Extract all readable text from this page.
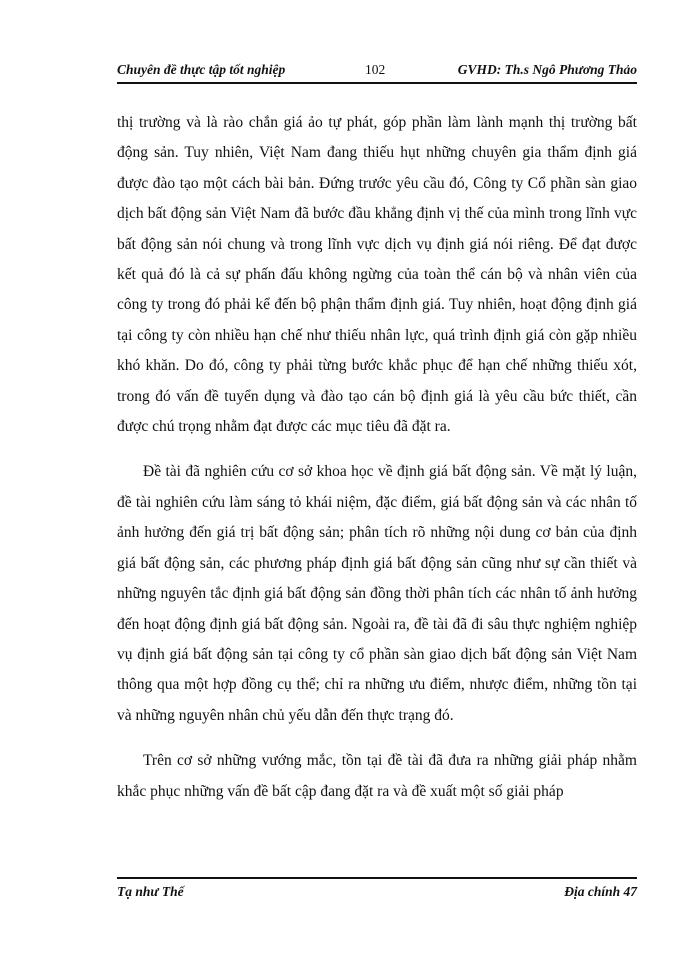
Chuyên đề thực tập tốt nghiệp	102	GVHD: Th.s Ngô Phương Thảo

thị trường và là rào chắn giá ảo tự phát, góp phần làm lành mạnh thị trường bất động sản. Tuy nhiên, Việt Nam đang thiếu hụt những chuyên gia thẩm định giá được đào tạo một cách bài bản. Đứng trước yêu cầu đó, Công ty Cổ phần sàn giao dịch bất động sản Việt Nam đã bước đầu khẳng định vị thế của mình trong lĩnh vực bất động sản nói chung và trong lĩnh vực dịch vụ định giá nói riêng. Để đạt được kết quả đó là cả sự phấn đấu không ngừng của toàn thể cán bộ và nhân viên của công ty trong đó phải kể đến bộ phận thẩm định giá. Tuy nhiên, hoạt động định giá tại công ty còn nhiều hạn chế như thiếu nhân lực, quá trình định giá còn gặp nhiều khó khăn. Do đó, công ty phải từng bước khắc phục để hạn chế những thiếu xót, trong đó vấn đề tuyển dụng và đào tạo cán bộ định giá là yêu cầu bức thiết, cần được chú trọng nhằm đạt được các mục tiêu đã đặt ra.

Đề tài đã nghiên cứu cơ sở khoa học về định giá bất động sản. Về mặt lý luận, đề tài nghiên cứu làm sáng tỏ khái niệm, đặc điểm, giá bất động sản và các nhân tố ảnh hưởng đến giá trị bất động sản; phân tích rõ những nội dung cơ bản của định giá bất động sản, các phương pháp định giá bất động sản cũng như sự cần thiết và những nguyên tắc định giá bất động sản đồng thời phân tích các nhân tố ảnh hưởng đến hoạt động định giá bất động sản. Ngoài ra, đề tài đã đi sâu thực nghiệm nghiệp vụ định giá bất động sản tại công ty cổ phần sàn giao dịch bất động sản Việt Nam thông qua một hợp đồng cụ thể; chỉ ra những ưu điểm, nhược điểm, những tồn tại và những nguyên nhân chủ yếu dẫn đến thực trạng đó.

Trên cơ sở những vướng mắc, tồn tại đề tài đã đưa ra những giải pháp nhằm khắc phục những vấn đề bất cập đang đặt ra và đề xuất một số giải pháp

Tạ như Thế	Địa chính 47
